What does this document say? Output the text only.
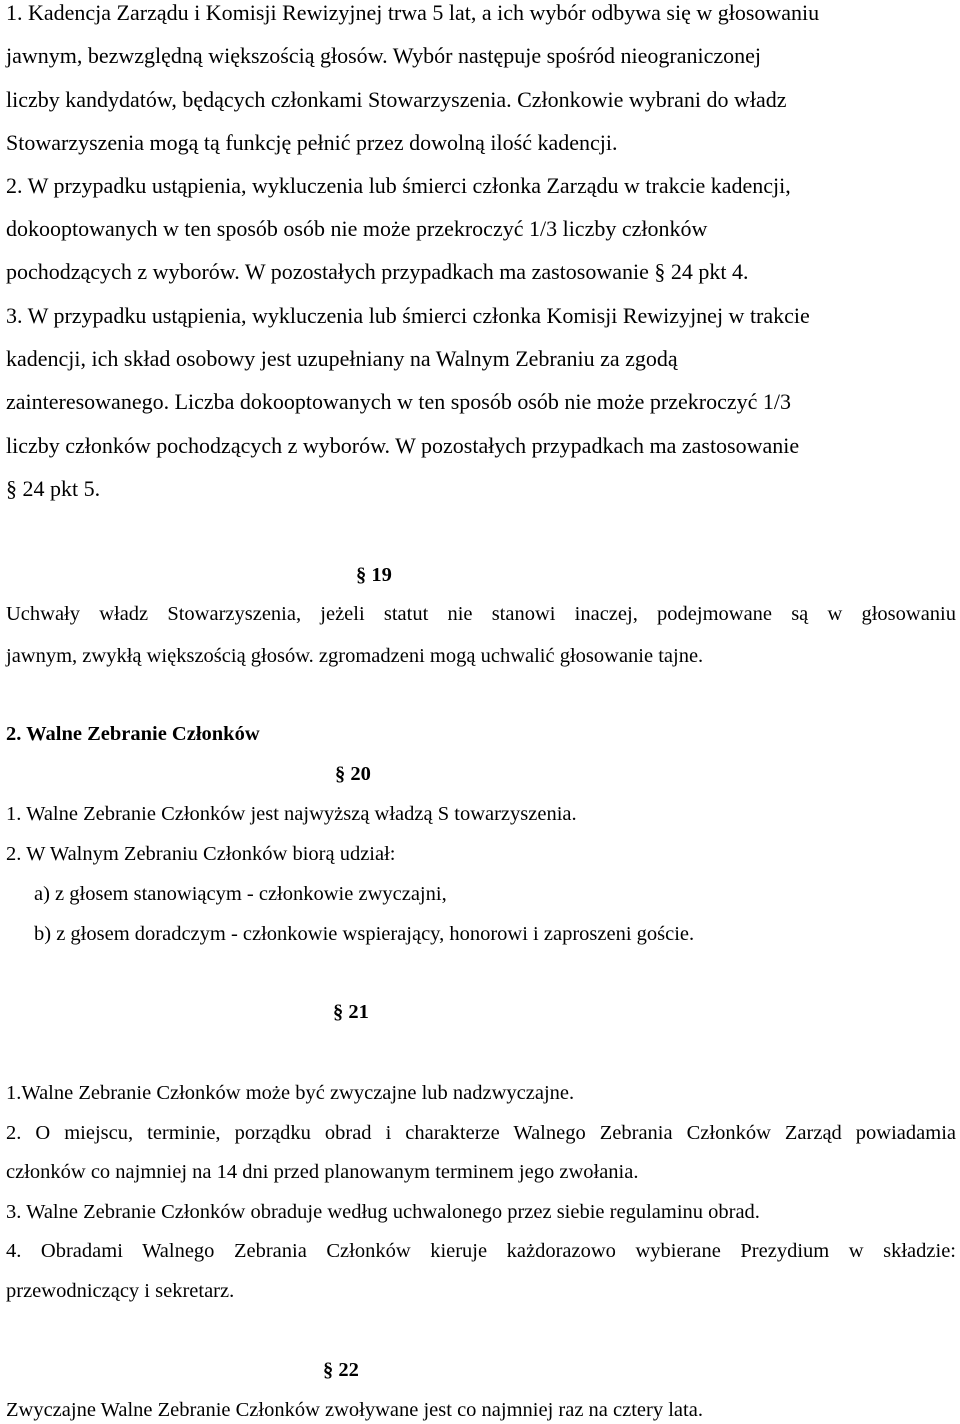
1. Kadencja Zarządu i Komisji Rewizyjnej trwa 5 lat, a ich wybór odbywa się w głosowaniu
jawnym, bezwzględną większością głosów. Wybór następuje spośród nieograniczonej
liczby kandydatów, będących członkami Stowarzyszenia. Członkowie wybrani do władz
Stowarzyszenia mogą tą funkcję pełnić przez dowolną ilość kadencji.
2. W przypadku ustąpienia, wykluczenia lub śmierci członka Zarządu w trakcie kadencji,
dokooptowanych w ten sposób osób nie może przekroczyć 1/3 liczby członków
pochodzących z wyborów. W pozostałych przypadkach ma zastosowanie § 24 pkt 4.
3. W przypadku ustąpienia, wykluczenia lub śmierci członka Komisji Rewizyjnej w trakcie
kadencji, ich skład osobowy jest uzupełniany na Walnym Zebraniu za zgodą
zainteresowanego. Liczba dokooptowanych w ten sposób osób nie może przekroczyć 1/3
liczby członków pochodzących z wyborów. W pozostałych przypadkach ma zastosowanie
§ 24 pkt 5.
§ 19
Uchwały władz Stowarzyszenia, jeżeli statut nie stanowi inaczej, podejmowane są w głosowaniu
jawnym, zwykłą większością głosów. zgromadzeni mogą uchwalić głosowanie tajne.
2. Walne Zebranie Członków
§ 20
1. Walne Zebranie Członków jest najwyższą władzą S towarzyszenia.
2. W Walnym Zebraniu Członków biorą udział:
a) z głosem stanowiącym - członkowie zwyczajni,
b) z głosem doradczym - członkowie wspierający, honorowi i zaproszeni goście.
§ 21
1.Walne Zebranie Członków może być zwyczajne lub nadzwyczajne.
2. O miejscu, terminie, porządku obrad i charakterze Walnego Zebrania Członków Zarząd powiadamia
członków co najmniej na 14 dni przed planowanym terminem jego zwołania.
3. Walne Zebranie Członków obraduje według uchwalonego przez siebie regulaminu obrad.
4. Obradami Walnego Zebrania Członków kieruje każdorazowo wybierane Prezydium w składzie:
przewodniczący i sekretarz.
§ 22
Zwyczajne Walne Zebranie Członków zwoływane jest co najmniej raz na cztery lata.
